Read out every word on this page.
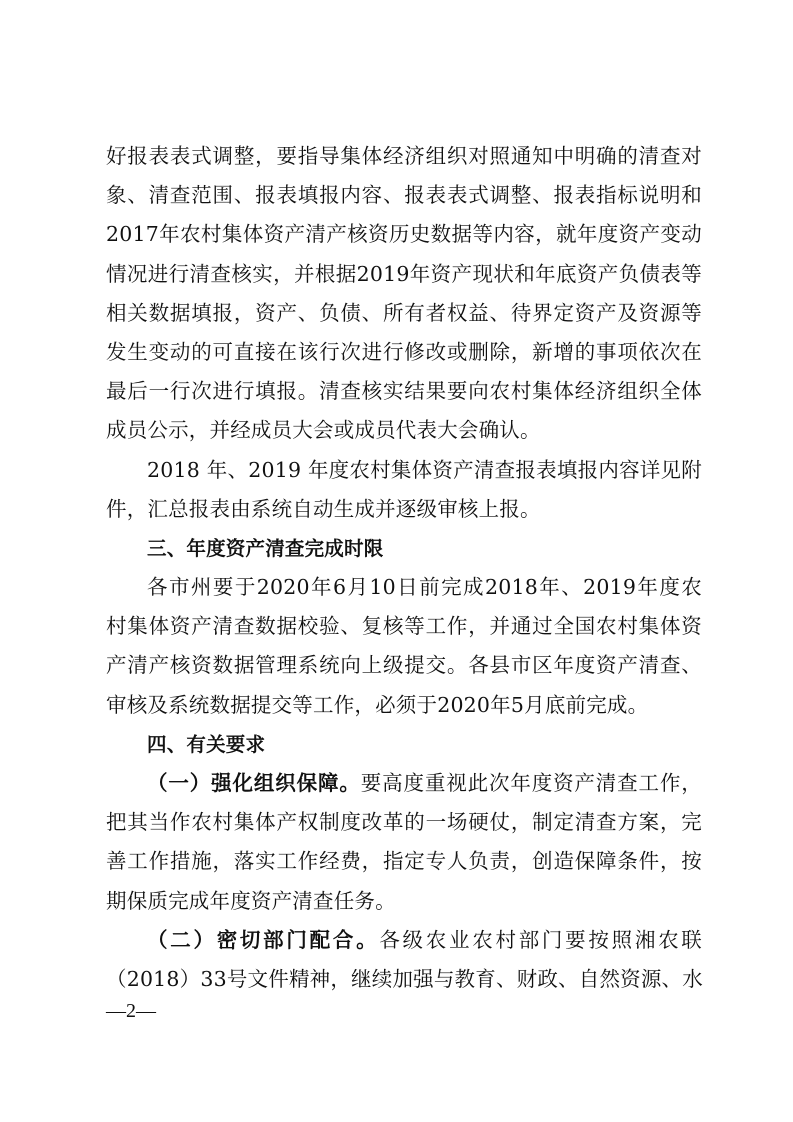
好报表表式调整，要指导集体经济组织对照通知中明确的清查对
象、清查范围、报表填报内容、报表表式调整、报表指标说明和
2017年农村集体资产清产核资历史数据等内容，就年度资产变动
情况进行清查核实，并根据2019年资产现状和年底资产负债表等
相关数据填报，资产、负债、所有者权益、待界定资产及资源等
发生变动的可直接在该行次进行修改或删除，新增的事项依次在
最后一行次进行填报。清查核实结果要向农村集体经济组织全体
成员公示，并经成员大会或成员代表大会确认。
2018 年、2019 年度农村集体资产清查报表填报内容详见附
件，汇总报表由系统自动生成并逐级审核上报。
三、年度资产清查完成时限
各市州要于2020年6月10日前完成2018年、2019年度农
村集体资产清查数据校验、复核等工作，并通过全国农村集体资
产清产核资数据管理系统向上级提交。各县市区年度资产清查、
审核及系统数据提交等工作，必须于2020年5月底前完成。
四、有关要求
（一）强化组织保障。要高度重视此次年度资产清查工作，
把其当作农村集体产权制度改革的一场硬仗，制定清查方案，完
善工作措施，落实工作经费，指定专人负责，创造保障条件，按
期保质完成年度资产清查任务。
（二）密切部门配合。各级农业农村部门要按照湘农联
（2018）33号文件精神，继续加强与教育、财政、自然资源、水
—2—
